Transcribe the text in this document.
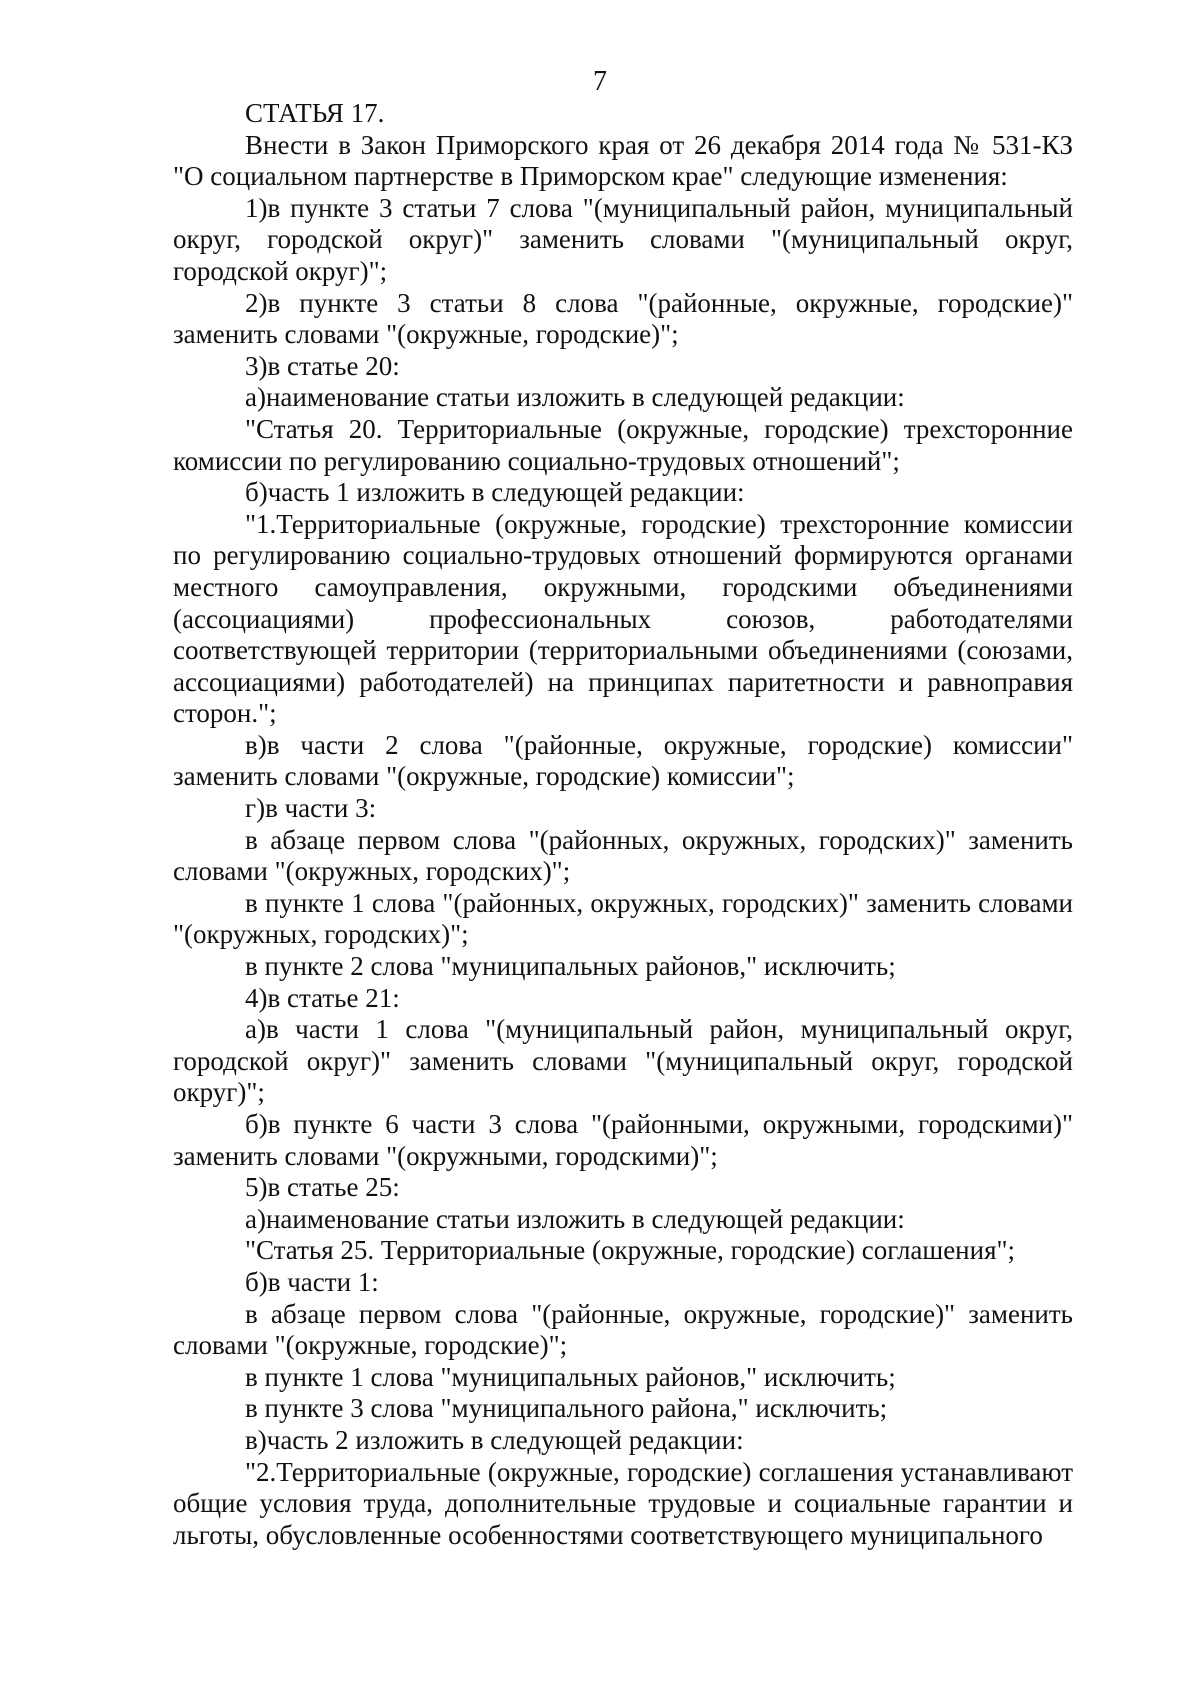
7

СТАТЬЯ 17.

Внести в Закон Приморского края от 26 декабря 2014 года № 531-КЗ "О социальном партнерстве в Приморском крае" следующие изменения:

1)в пункте 3 статьи 7 слова "(муниципальный район, муниципальный округ, городской округ)" заменить словами "(муниципальный округ, городской округ)";

2)в пункте 3 статьи 8 слова "(районные, окружные, городские)" заменить словами "(окружные, городские)";

3)в статье 20:

а)наименование статьи изложить в следующей редакции:

"Статья 20. Территориальные (окружные, городские) трехсторонние комиссии по регулированию социально-трудовых отношений";

б)часть 1 изложить в следующей редакции:

"1.Территориальные (окружные, городские) трехсторонние комиссии по регулированию социально-трудовых отношений формируются органами местного самоуправления, окружными, городскими объединениями (ассоциациями) профессиональных союзов, работодателями соответствующей территории (территориальными объединениями (союзами, ассоциациями) работодателей) на принципах паритетности и равноправия сторон.";

в)в части 2 слова "(районные, окружные, городские) комиссии" заменить словами "(окружные, городские) комиссии";

г)в части 3:

в абзаце первом слова "(районных, окружных, городских)" заменить словами "(окружных, городских)";

в пункте 1 слова "(районных, окружных, городских)" заменить словами "(окружных, городских)";

в пункте 2 слова "муниципальных районов," исключить;

4)в статье 21:

а)в части 1 слова "(муниципальный район, муниципальный округ, городской округ)" заменить словами "(муниципальный округ, городской округ)";

б)в пункте 6 части 3 слова "(районными, окружными, городскими)" заменить словами "(окружными, городскими)";

5)в статье 25:

а)наименование статьи изложить в следующей редакции:

"Статья 25. Территориальные (окружные, городские) соглашения";

б)в части 1:

в абзаце первом слова "(районные, окружные, городские)" заменить словами "(окружные, городские)";

в пункте 1 слова "муниципальных районов," исключить;

в пункте 3 слова "муниципального района," исключить;

в)часть 2 изложить в следующей редакции:

"2.Территориальные (окружные, городские) соглашения устанавливают общие условия труда, дополнительные трудовые и социальные гарантии и льготы, обусловленные особенностями соответствующего муниципального
